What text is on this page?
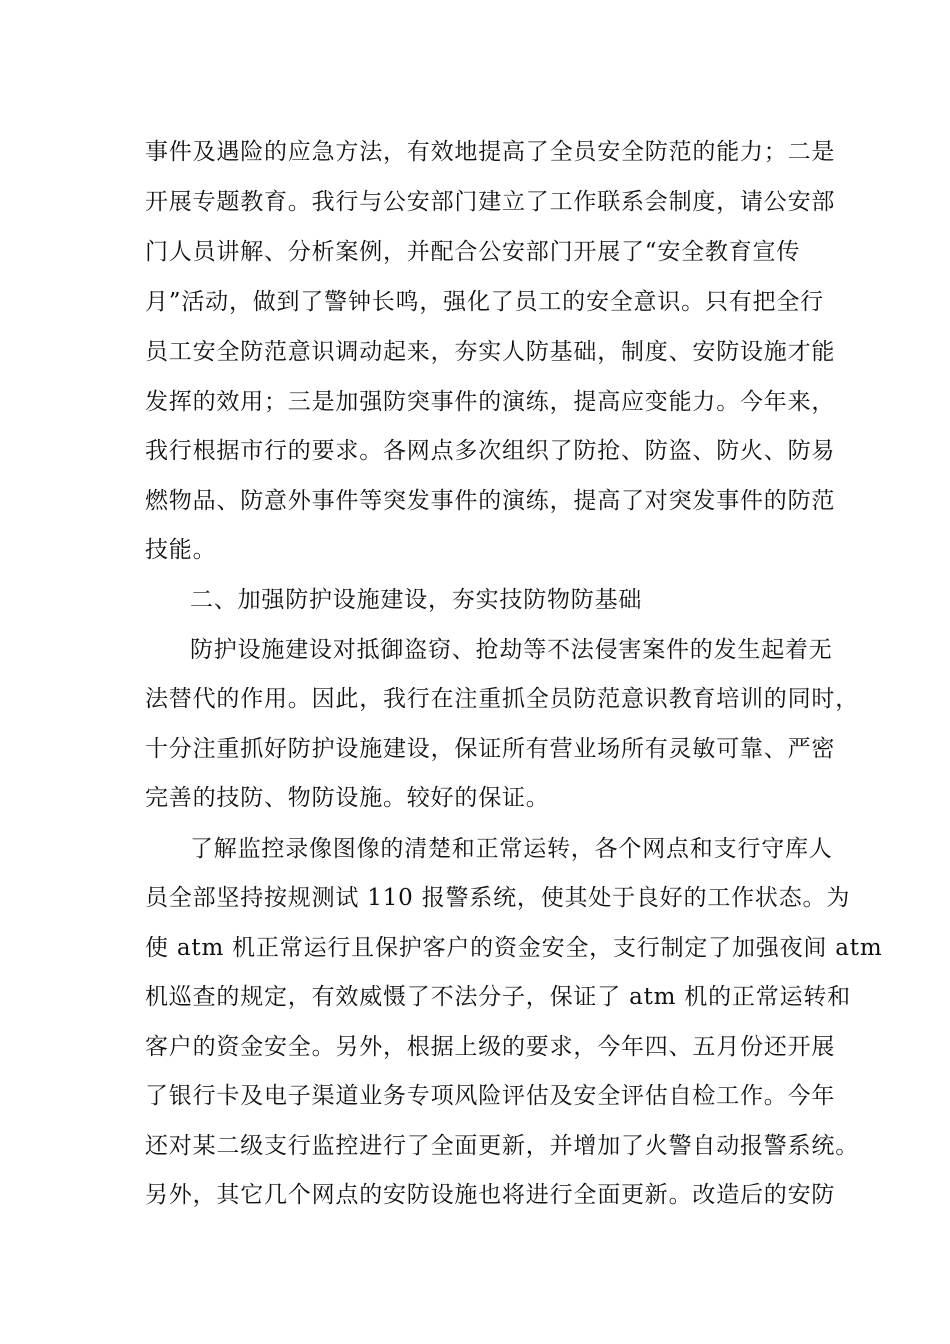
事件及遇险的应急方法，有效地提高了全员安全防范的能力；二是
开展专题教育。我行与公安部门建立了工作联系会制度，请公安部
门人员讲解、分析案例，并配合公安部门开展了“安全教育宣传
月”活动，做到了警钟长鸣，强化了员工的安全意识。只有把全行
员工安全防范意识调动起来，夯实人防基础，制度、安防设施才能
发挥的效用；三是加强防突事件的演练，提高应变能力。今年来，
我行根据市行的要求。各网点多次组织了防抢、防盗、防火、防易
燃物品、防意外事件等突发事件的演练，提高了对突发事件的防范
技能。
二、加强防护设施建设，夯实技防物防基础
防护设施建设对抵御盗窃、抢劫等不法侵害案件的发生起着无
法替代的作用。因此，我行在注重抓全员防范意识教育培训的同时，
十分注重抓好防护设施建设，保证所有营业场所有灵敏可靠、严密
完善的技防、物防设施。较好的保证。
了解监控录像图像的清楚和正常运转，各个网点和支行守库人
员全部坚持按规测试 110 报警系统，使其处于良好的工作状态。为
使 atm 机正常运行且保护客户的资金安全，支行制定了加强夜间 atm
机巡查的规定，有效威慑了不法分子，保证了 atm 机的正常运转和
客户的资金安全。另外，根据上级的要求，今年四、五月份还开展
了银行卡及电子渠道业务专项风险评估及安全评估自检工作。今年
还对某二级支行监控进行了全面更新，并增加了火警自动报警系统。
另外，其它几个网点的安防设施也将进行全面更新。改造后的安防
